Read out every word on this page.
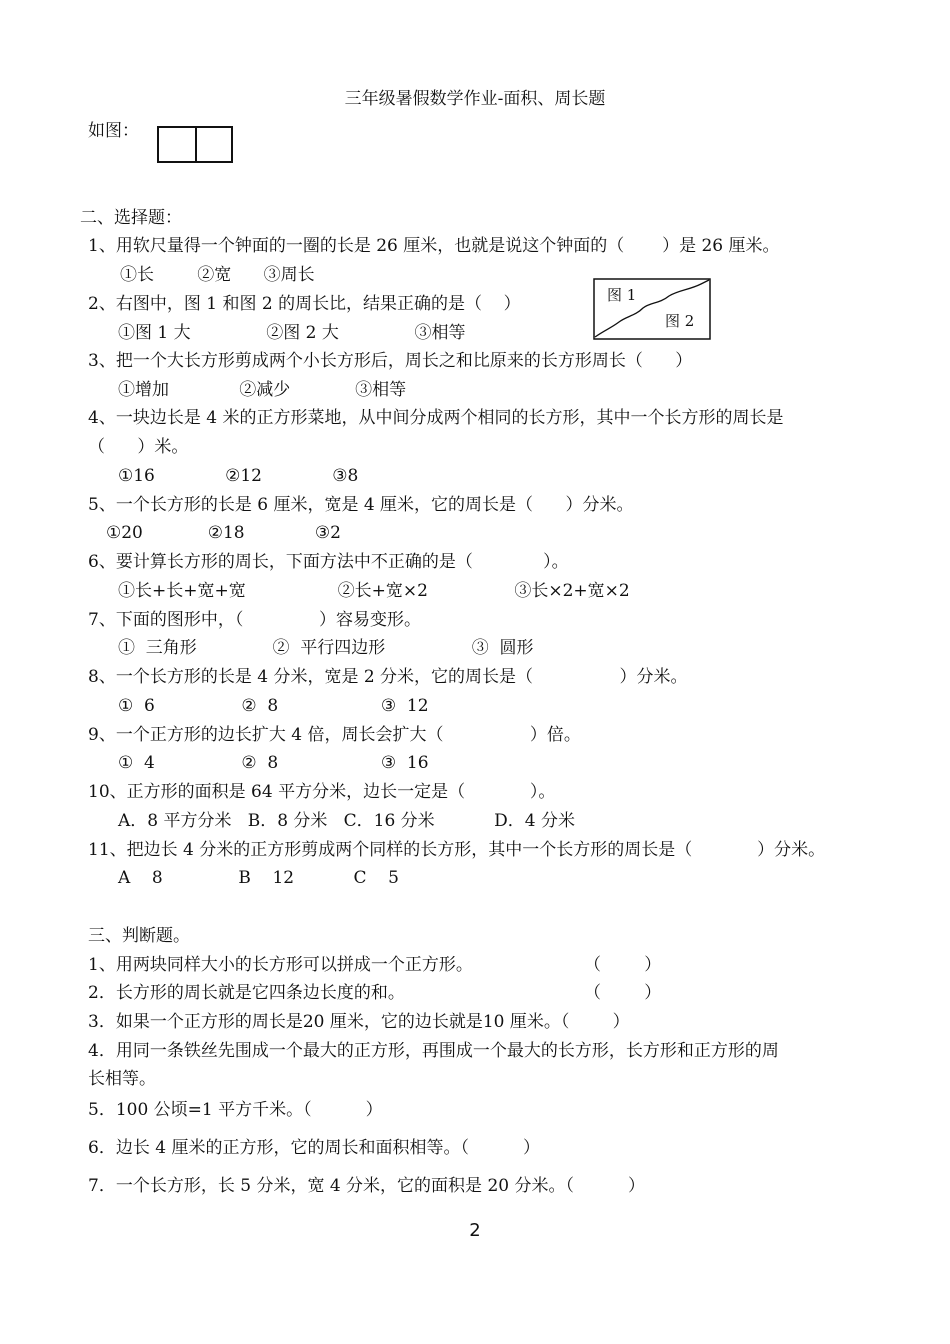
三年级暑假数学作业-面积、周长题
如图：
二、选择题：
1、用软尺量得一个钟面的一圈的长是 26 厘米，也就是说这个钟面的（       ）是 26 厘米。
①长        ②宽      ③周长
2、右图中，图 1 和图 2 的周长比，结果正确的是（    ）
①图 1 大              ②图 2 大              ③相等
图 1
图 2
3、把一个大长方形剪成两个小长方形后，周长之和比原来的长方形周长（      ）
①增加             ②减少            ③相等
4、一块边长是 4 米的正方形菜地，从中间分成两个相同的长方形，其中一个长方形的周长是
（      ）米。
①16             ②12             ③8
5、一个长方形的长是 6 厘米，宽是 4 厘米，它的周长是（      ）分米。
①20            ②18             ③2
6、要计算长方形的周长，下面方法中不正确的是（             ）。
①长+长+宽+宽                 ②长+宽×2                ③长×2+宽×2
7、下面的图形中，（              ）容易变形。
①  三角形              ②  平行四边形                ③  圆形
8、一个长方形的长是 4 分米，宽是 2 分米，它的周长是（                ）分米。
①  6                ②  8                   ③  12
9、一个正方形的边长扩大 4 倍，周长会扩大（                ）倍。
①  4                ②  8                   ③  16
10、正方形的面积是 64 平方分米，边长一定是（            ）。
A．8 平方分米   B．8 分米   C．16 分米           D．4 分米
11、把边长 4 分米的正方形剪成两个同样的长方形，其中一个长方形的周长是（            ）分米。
A    8              B    12           C    5
三、判断题。
1、用两块同样大小的长方形可以拼成一个正方形。	（        ）
2．长方形的周长就是它四条边长度的和。	（        ）
3．如果一个正方形的周长是20 厘米，它的边长就是10 厘米。（        ）
4．用同一条铁丝先围成一个最大的正方形，再围成一个最大的长方形，长方形和正方形的周
长相等。
5．100 公顷=1 平方千米。（          ）
6．边长 4 厘米的正方形，它的周长和面积相等。（          ）
7．一个长方形，长 5 分米，宽 4 分米，它的面积是 20 分米。（          ）
2
